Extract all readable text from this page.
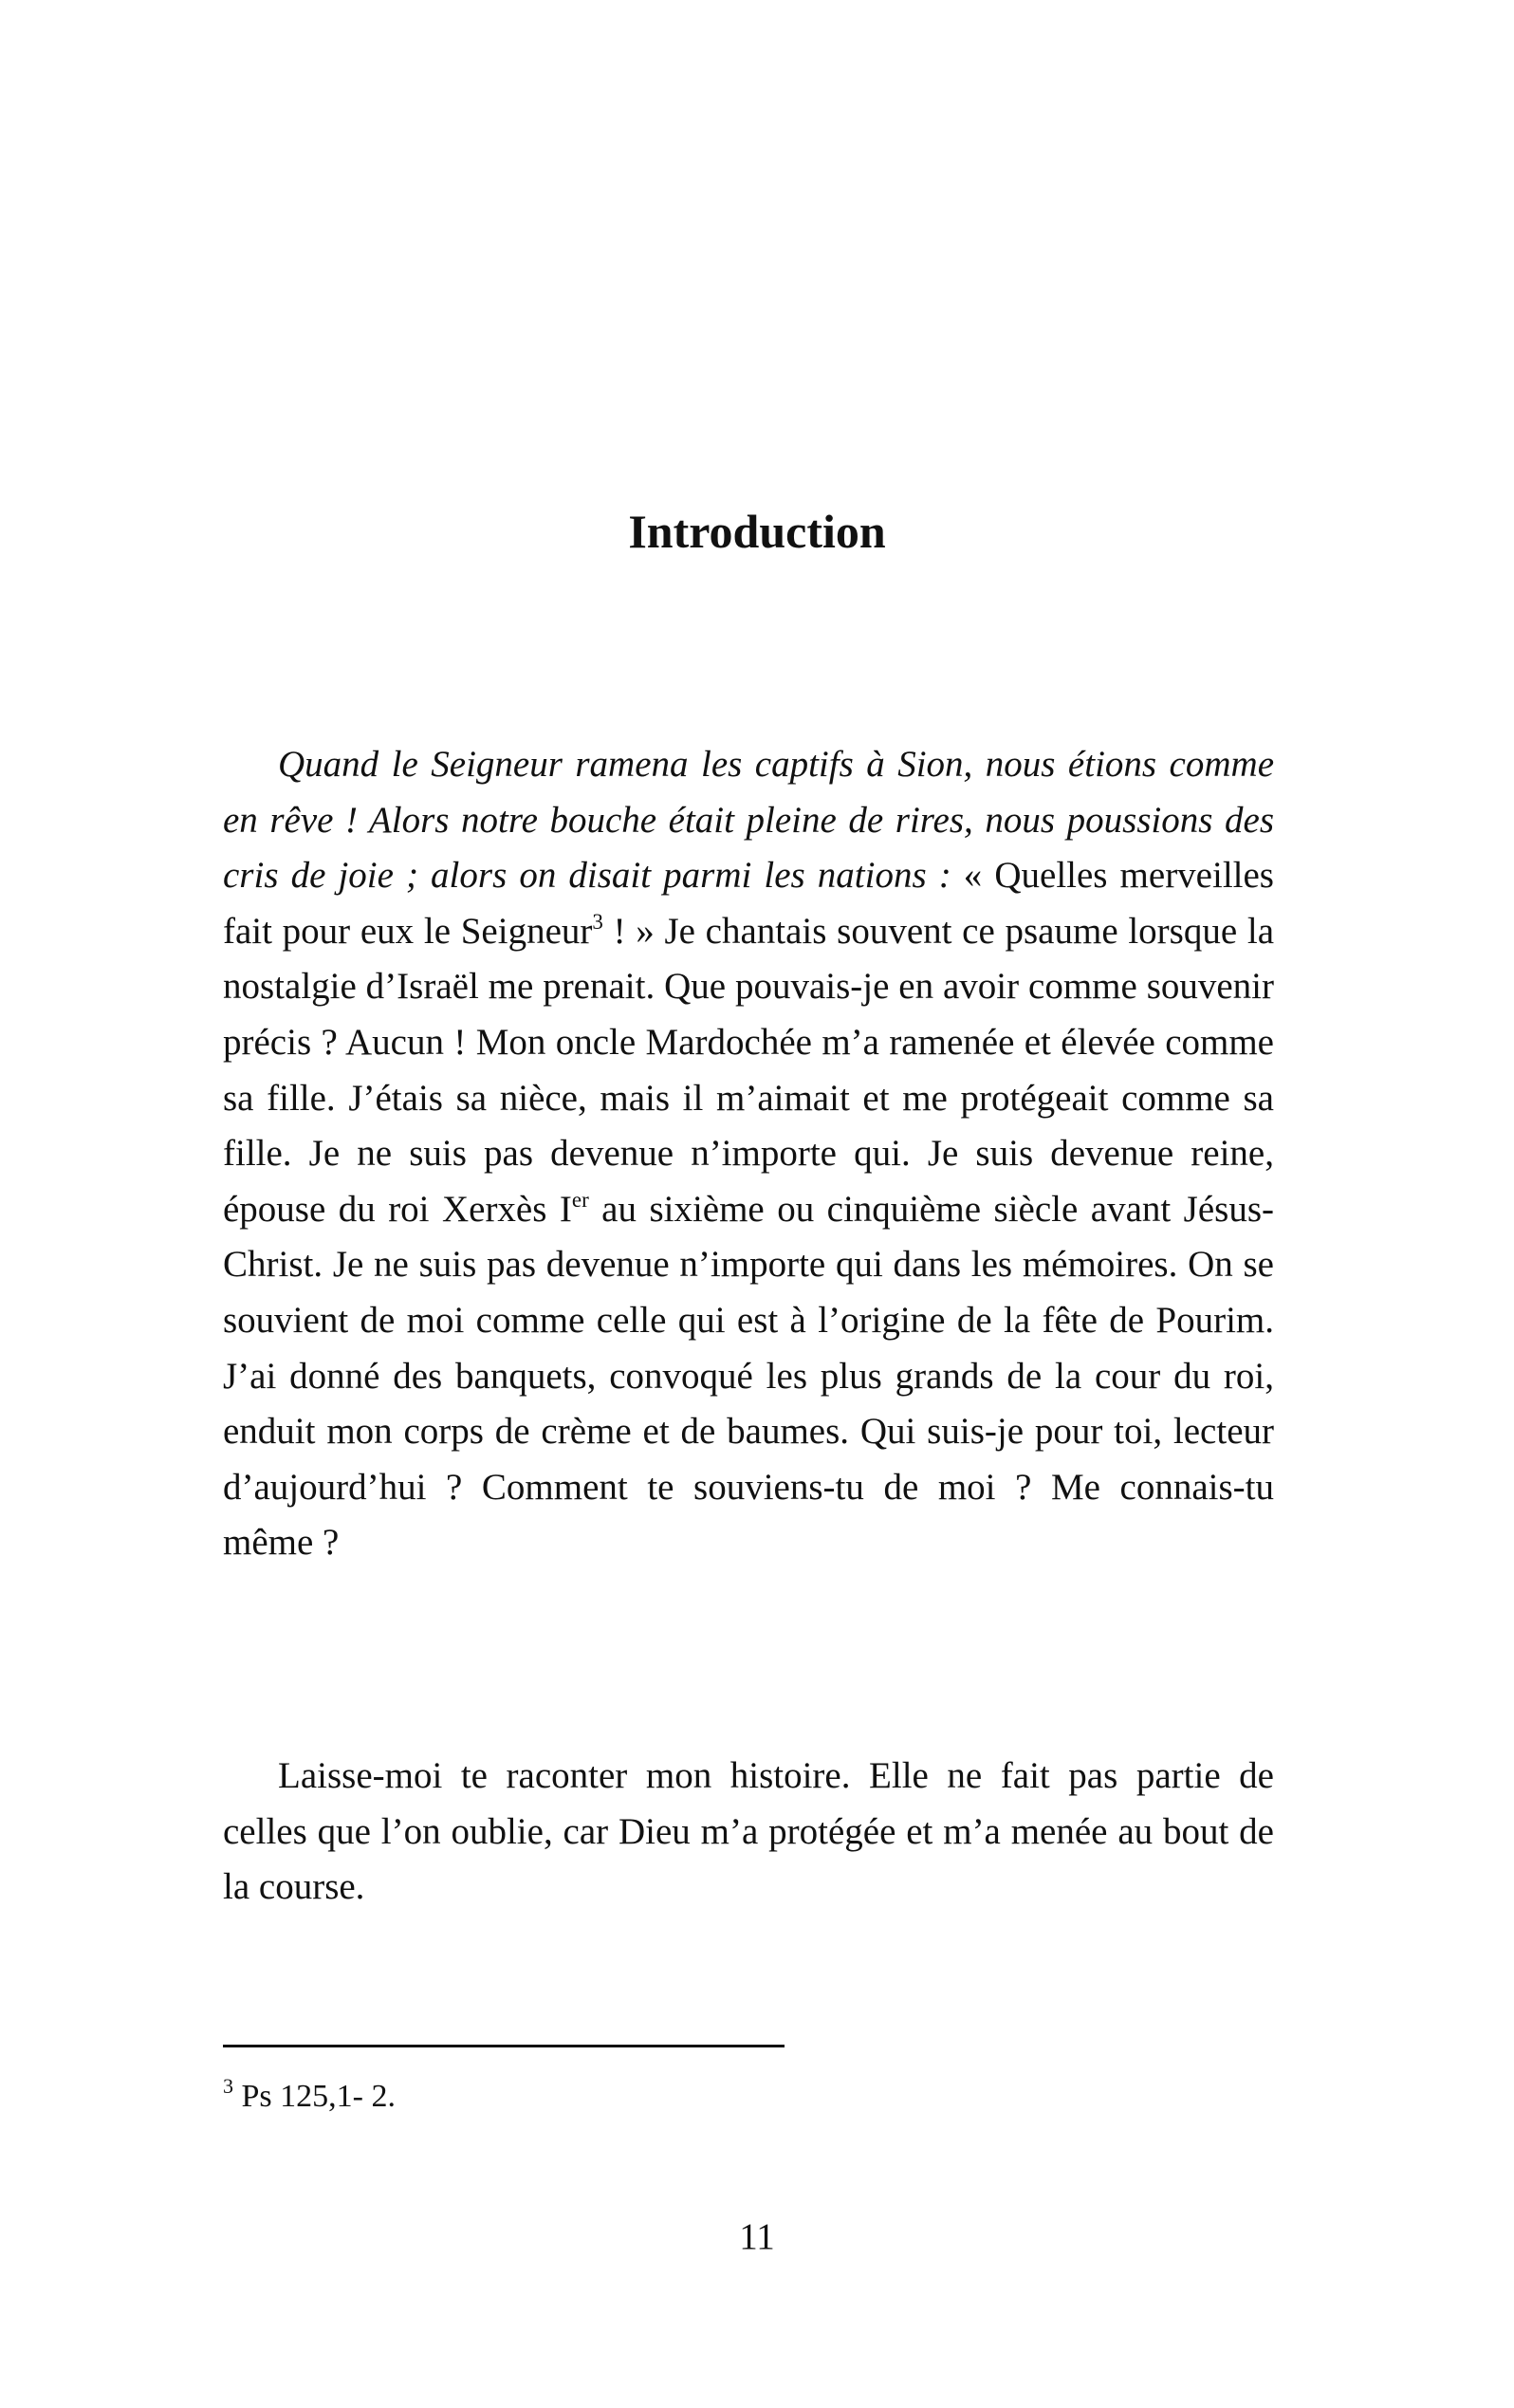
Introduction

Quand le Seigneur ramena les captifs à Sion, nous étions comme en rêve ! Alors notre bouche était pleine de rires, nous poussions des cris de joie ; alors on disait parmi les nations : « Quelles merveilles fait pour eux le Seigneur$^3$ ! » Je chantais souvent ce psaume lorsque la nostalgie d’Israël me prenait. Que pouvais-je en avoir comme souvenir précis ? Aucun ! Mon oncle Mardochée m’a ramenée et élevée comme sa fille. J’étais sa nièce, mais il m’aimait et me protégeait comme sa fille. Je ne suis pas devenue n’importe qui. Je suis devenue reine, épouse du roi Xerxès Ier au sixième ou cinquième siècle avant Jésus-Christ. Je ne suis pas devenue n’importe qui dans les mémoires. On se souvient de moi comme celle qui est à l’origine de la fête de Pourim. J’ai donné des banquets, convoqué les plus grands de la cour du roi, enduit mon corps de crème et de baumes. Qui suis-je pour toi, lecteur d’aujourd’hui ? Comment te souviens-tu de moi ? Me connais-tu même ?

Laisse-moi te raconter mon histoire. Elle ne fait pas partie de celles que l’on oublie, car Dieu m’a protégée et m’a menée au bout de la course.

$^3$ Ps 125,1- 2.

11
